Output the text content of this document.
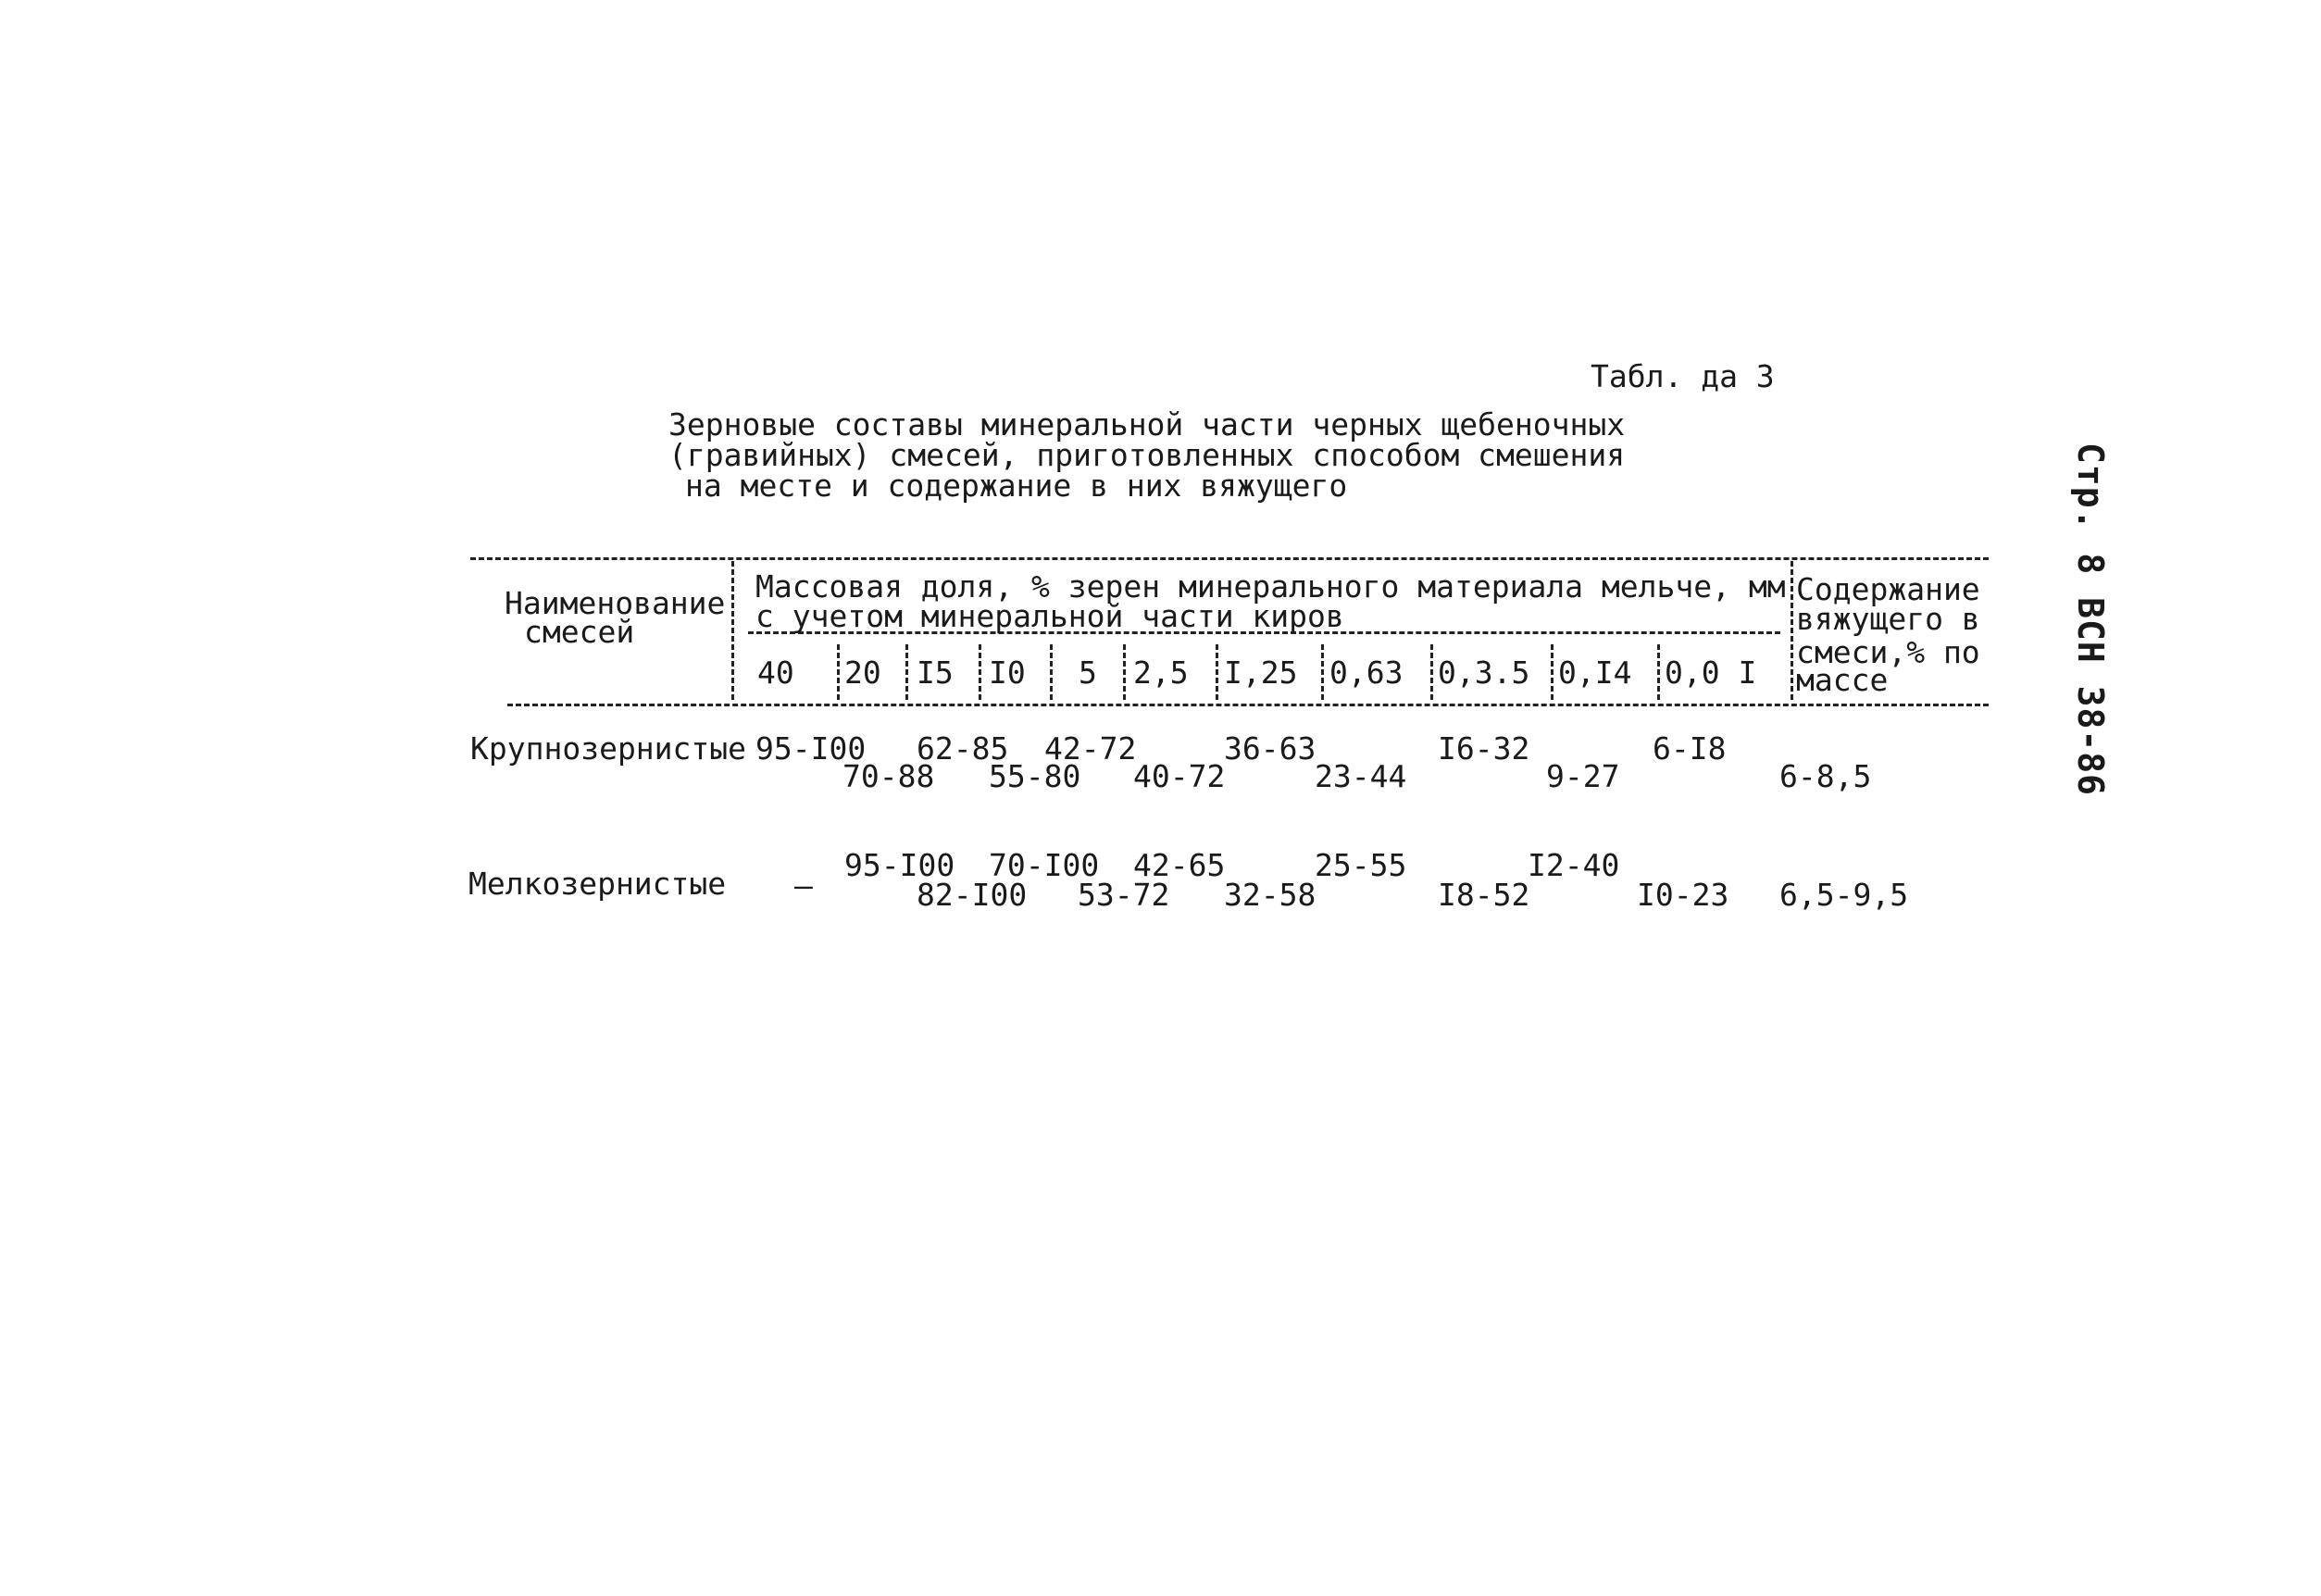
Стр. 8 ВСН 38-86
Табл. да 3
Зерновые составы минеральной части черных щебеночных
(гравийных) смесей, приготовленных способом смешения
на месте и содержание в них вяжущего
Наименование
смесей
Массовая доля, % зерен минерального материала мельче, мм
с учетом минеральной части киров
40 20 I5 I0 5 2,5 I,25 0,63 0,3.5 0,I4 0,0 I
Содержание
вяжущего в
смеси,% по
массе
Крупнозернистые 95-I00
70-88
62-85
55-80
42-72
40-72
36-63
23-44
I6-32
9-27
6-I8
6-8,5
Мелкозернистые –
95-I00
82-I00
70-I00
53-72
42-65
32-58
25-55
I8-52
I2-40
I0-23 6,5-9,5
